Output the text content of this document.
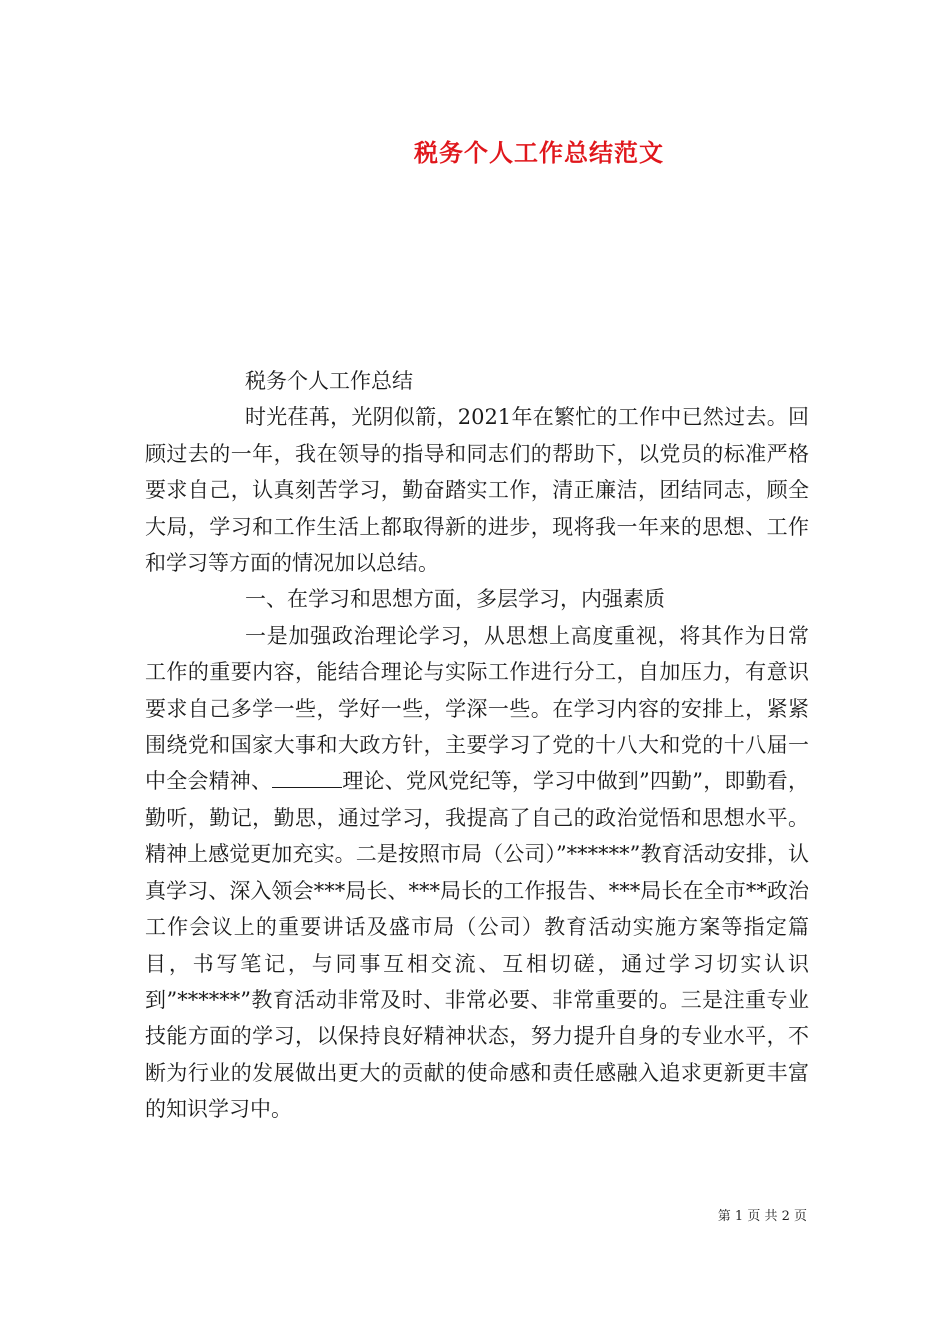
税务个人工作总结范文

税务个人工作总结

时光荏苒，光阴似箭，2021年在繁忙的工作中已然过去。回顾过去的一年，我在领导的指导和同志们的帮助下，以党员的标准严格要求自己，认真刻苦学习，勤奋踏实工作，清正廉洁，团结同志，顾全大局，学习和工作生活上都取得新的进步，现将我一年来的思想、工作和学习等方面的情况加以总结。

一、在学习和思想方面，多层学习，内强素质

一是加强政治理论学习，从思想上高度重视，将其作为日常工作的重要内容，能结合理论与实际工作进行分工，自加压力，有意识要求自己多学一些，学好一些，学深一些。在学习内容的安排上，紧紧围绕党和国家大事和大政方针，主要学习了党的十八大和党的十八届一中全会精神、	理论、党风党纪等，学习中做到”四勤”，即勤看，勤听，勤记，勤思，通过学习，我提高了自己的政治觉悟和思想水平。精神上感觉更加充实。二是按照市局（公司）”******”教育活动安排，认真学习、深入领会***局长、***局长的工作报告、***局长在全市**政治工作会议上的重要讲话及盛市局（公司）教育活动实施方案等指定篇目，书写笔记，与同事互相交流、互相切磋，通过学习切实认识到”******”教育活动非常及时、非常必要、非常重要的。三是注重专业技能方面的学习，以保持良好精神状态，努力提升自身的专业水平，不断为行业的发展做出更大的贡献的使命感和责任感融入追求更新更丰富的知识学习中。

第 1 页 共 2 页
